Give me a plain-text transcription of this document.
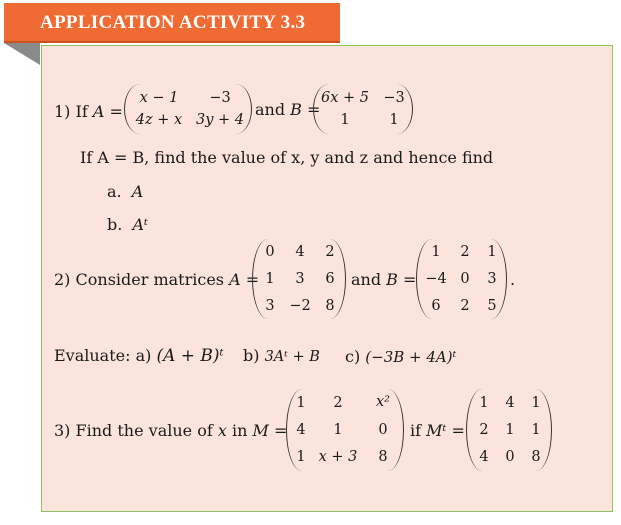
APPLICATION ACTIVITY 3.3
1) If A =
x − 1 −3
4z + x 3y + 4
and B =
6x + 5 −3
1	1
If A = B, find the value of x, y and z and hence find
a. A
b. Aᵗ
2) Consider matrices A =
0 4 2
1 3 6
3 −2 8
and B =
1 2 1
−4 0 3
6 2 5
.
Evaluate: a) (A + B)ᵗ b) 3Aᵗ + B c) (−3B + 4A)ᵗ
3) Find the value of x in M =
1 2 x²
4 1 0
1 x + 3 8
if Mᵗ =
1 4 1
2 1 1
4 0 8
